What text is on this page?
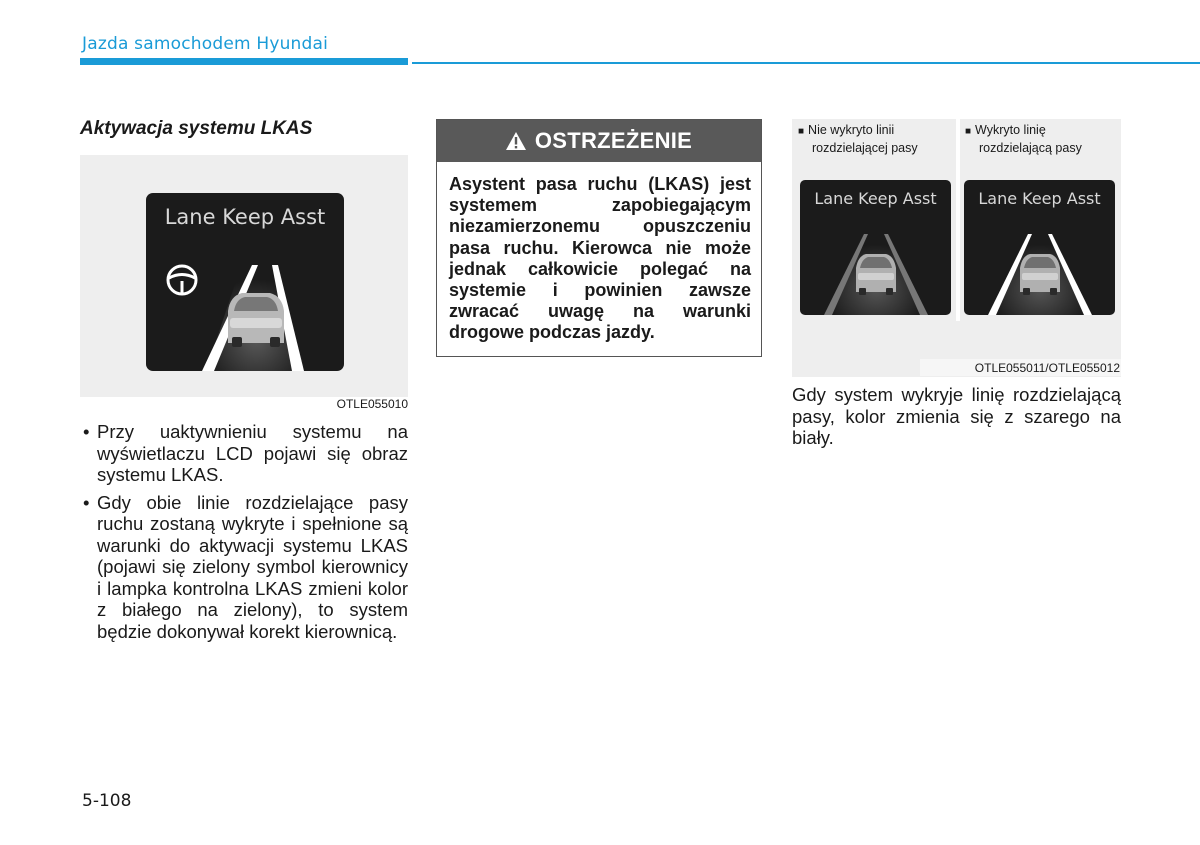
Jazda samochodem Hyundai
Aktywacja systemu LKAS
Lane Keep Asst
OTLE055010
• Przy uaktywnieniu systemu na wyświetlaczu LCD pojawi się obraz systemu LKAS.
• Gdy obie linie rozdzielające pasy ruchu zostaną wykryte i spełnione są warunki do aktywacji systemu LKAS (pojawi się zielony symbol kierownicy i lampka kontrolna LKAS zmieni kolor z białego na zielony), to system będzie dokonywał korekt kierownicą.
OSTRZEŻENIE
Asystent pasa ruchu (LKAS) jest systemem zapobiegającym niezamierzonemu opuszczeniu pasa ruchu. Kierowca nie może jednak całkowicie polegać na systemie i powinien zawsze zwracać uwagę na warunki drogowe podczas jazdy.
■ Nie wykryto linii
rozdzielającej pasy
■ Wykryto linię
rozdzielającą pasy
Lane Keep Asst	Lane Keep Asst
OTLE055011/OTLE055012

Gdy system wykryje linię rozdzielającą pasy, kolor zmienia się z szarego na biały.

5-108
